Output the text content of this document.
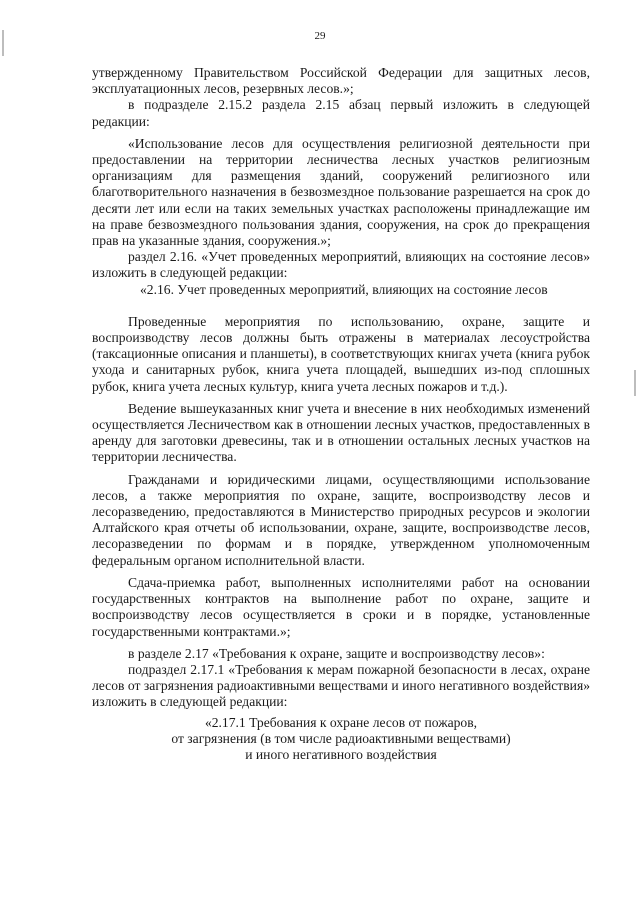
29

утвержденному Правительством Российской Федерации для защитных лесов, эксплуатационных лесов, резервных лесов.»;

в подразделе 2.15.2 раздела 2.15 абзац первый изложить в следующей редакции:

«Использование лесов для осуществления религиозной деятельности при предоставлении на территории лесничества лесных участков религиозным организациям для размещения зданий, сооружений религиозного или благотворительного назначения в безвозмездное пользование разрешается на срок до десяти лет или если на таких земельных участках расположены принадлежащие им на праве безвозмездного пользования здания, сооружения, на срок до прекращения прав на указанные здания, сооружения.»;

раздел 2.16. «Учет проведенных мероприятий, влияющих на состояние лесов» изложить в следующей редакции:

«2.16. Учет проведенных мероприятий, влияющих на состояние лесов

Проведенные мероприятия по использованию, охране, защите и воспроизводству лесов должны быть отражены в материалах лесоустройства (таксационные описания и планшеты), в соответствующих книгах учета (книга рубок ухода и санитарных рубок, книга учета площадей, вышедших из-под сплошных рубок, книга учета лесных культур, книга учета лесных пожаров и т.д.).

Ведение вышеуказанных книг учета и внесение в них необходимых изменений осуществляется Лесничеством как в отношении лесных участков, предоставленных в аренду для заготовки древесины, так и в отношении остальных лесных участков на территории лесничества.

Гражданами и юридическими лицами, осуществляющими использование лесов, а также мероприятия по охране, защите, воспроизводству лесов и лесоразведению, предоставляются в Министерство природных ресурсов и экологии Алтайского края отчеты об использовании, охране, защите, воспроизводстве лесов, лесоразведении по формам и в порядке, утвержденном уполномоченным федеральным органом исполнительной власти.

Сдача-приемка работ, выполненных исполнителями работ на основании государственных контрактов на выполнение работ по охране, защите и воспроизводству лесов осуществляется в сроки и в порядке, установленные государственными контрактами.»;

в разделе 2.17 «Требования к охране, защите и воспроизводству лесов»:

подраздел 2.17.1 «Требования к мерам пожарной безопасности в лесах, охране лесов от загрязнения радиоактивными веществами и иного негативного воздействия» изложить в следующей редакции:

«2.17.1 Требования к охране лесов от пожаров,

от загрязнения (в том числе радиоактивными веществами)

и иного негативного воздействия
